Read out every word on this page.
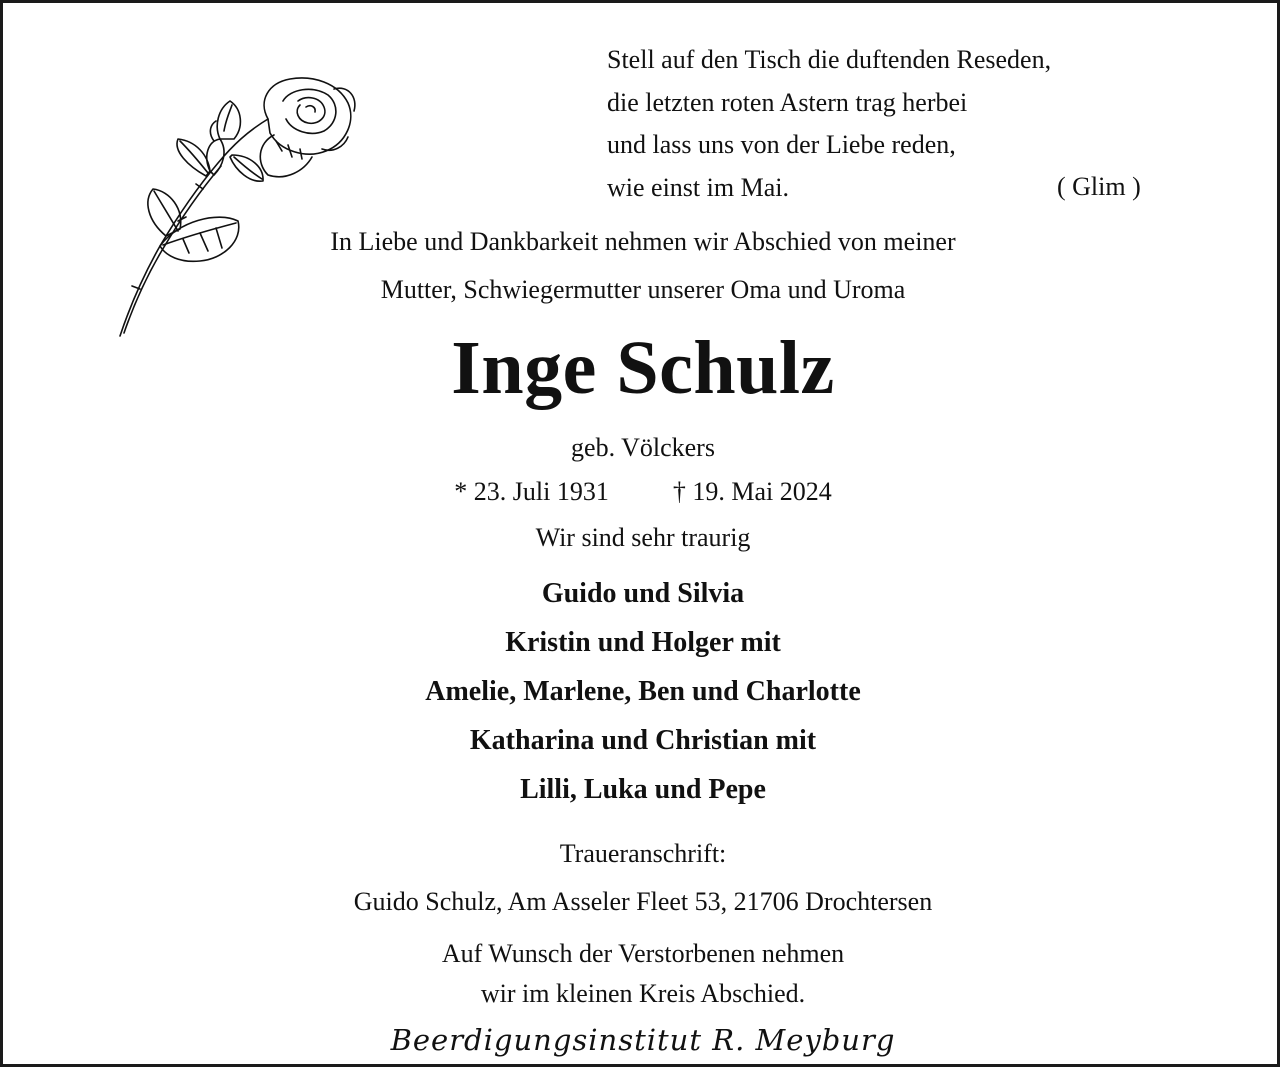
Stell auf den Tisch die duftenden Reseden,
die letzten roten Astern trag herbei
und lass uns von der Liebe reden,
wie einst im Mai.	( Glim )
In Liebe und Dankbarkeit nehmen wir Abschied von meiner
Mutter, Schwiegermutter unserer Oma und Uroma
Inge Schulz
geb. Völckers
* 23. Juli 1931 † 19. Mai 2024
Wir sind sehr traurig
Guido und Silvia
Kristin und Holger mit
Amelie, Marlene, Ben und Charlotte
Katharina und Christian mit
Lilli, Luka und Pepe
Traueranschrift:
Guido Schulz, Am Asseler Fleet 53, 21706 Drochtersen
Auf Wunsch der Verstorbenen nehmen
wir im kleinen Kreis Abschied.
Beerdigungsinstitut R. Meyburg
